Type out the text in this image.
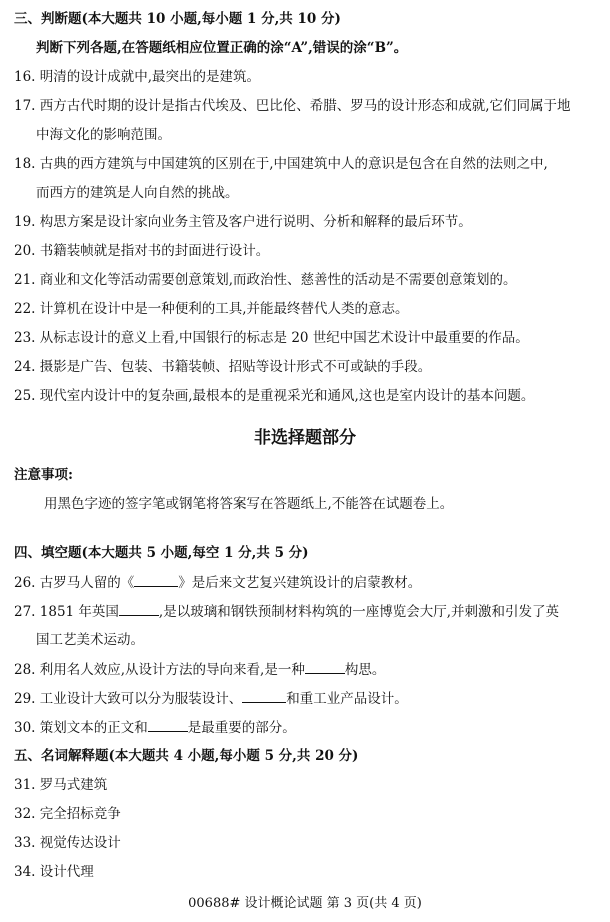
三、判断题(本大题共 10 小题,每小题 1 分,共 10 分)
判断下列各题,在答题纸相应位置正确的涂“A”,错误的涂“B”。
16. 明清的设计成就中,最突出的是建筑。
17. 西方古代时期的设计是指古代埃及、巴比伦、希腊、罗马的设计形态和成就,它们同属于地
中海文化的影响范围。
18. 古典的西方建筑与中国建筑的区别在于,中国建筑中人的意识是包含在自然的法则之中,
而西方的建筑是人向自然的挑战。
19. 构思方案是设计家向业务主管及客户进行说明、分析和解释的最后环节。
20. 书籍装帧就是指对书的封面进行设计。
21. 商业和文化等活动需要创意策划,而政治性、慈善性的活动是不需要创意策划的。
22. 计算机在设计中是一种便利的工具,并能最终替代人类的意志。
23. 从标志设计的意义上看,中国银行的标志是 20 世纪中国艺术设计中最重要的作品。
24. 摄影是广告、包装、书籍装帧、招贴等设计形式不可或缺的手段。
25. 现代室内设计中的复杂画,最根本的是重视采光和通风,这也是室内设计的基本问题。
非选择题部分
注意事项:
用黑色字迹的签字笔或钢笔将答案写在答题纸上,不能答在试题卷上。
四、填空题(本大题共 5 小题,每空 1 分,共 5 分)
26. 古罗马人留的《	》是后来文艺复兴建筑设计的启蒙教材。
27. 1851 年英国	,是以玻璃和钢铁预制材料构筑的一座博览会大厅,并刺激和引发了英
国工艺美术运动。
28. 利用名人效应,从设计方法的导向来看,是一种	构思。
29. 工业设计大致可以分为服装设计、	和重工业产品设计。
30. 策划文本的正文和	是最重要的部分。
五、名词解释题(本大题共 4 小题,每小题 5 分,共 20 分)
31. 罗马式建筑
32. 完全招标竞争
33. 视觉传达设计
34. 设计代理
00688# 设计概论试题 第 3 页(共 4 页)
